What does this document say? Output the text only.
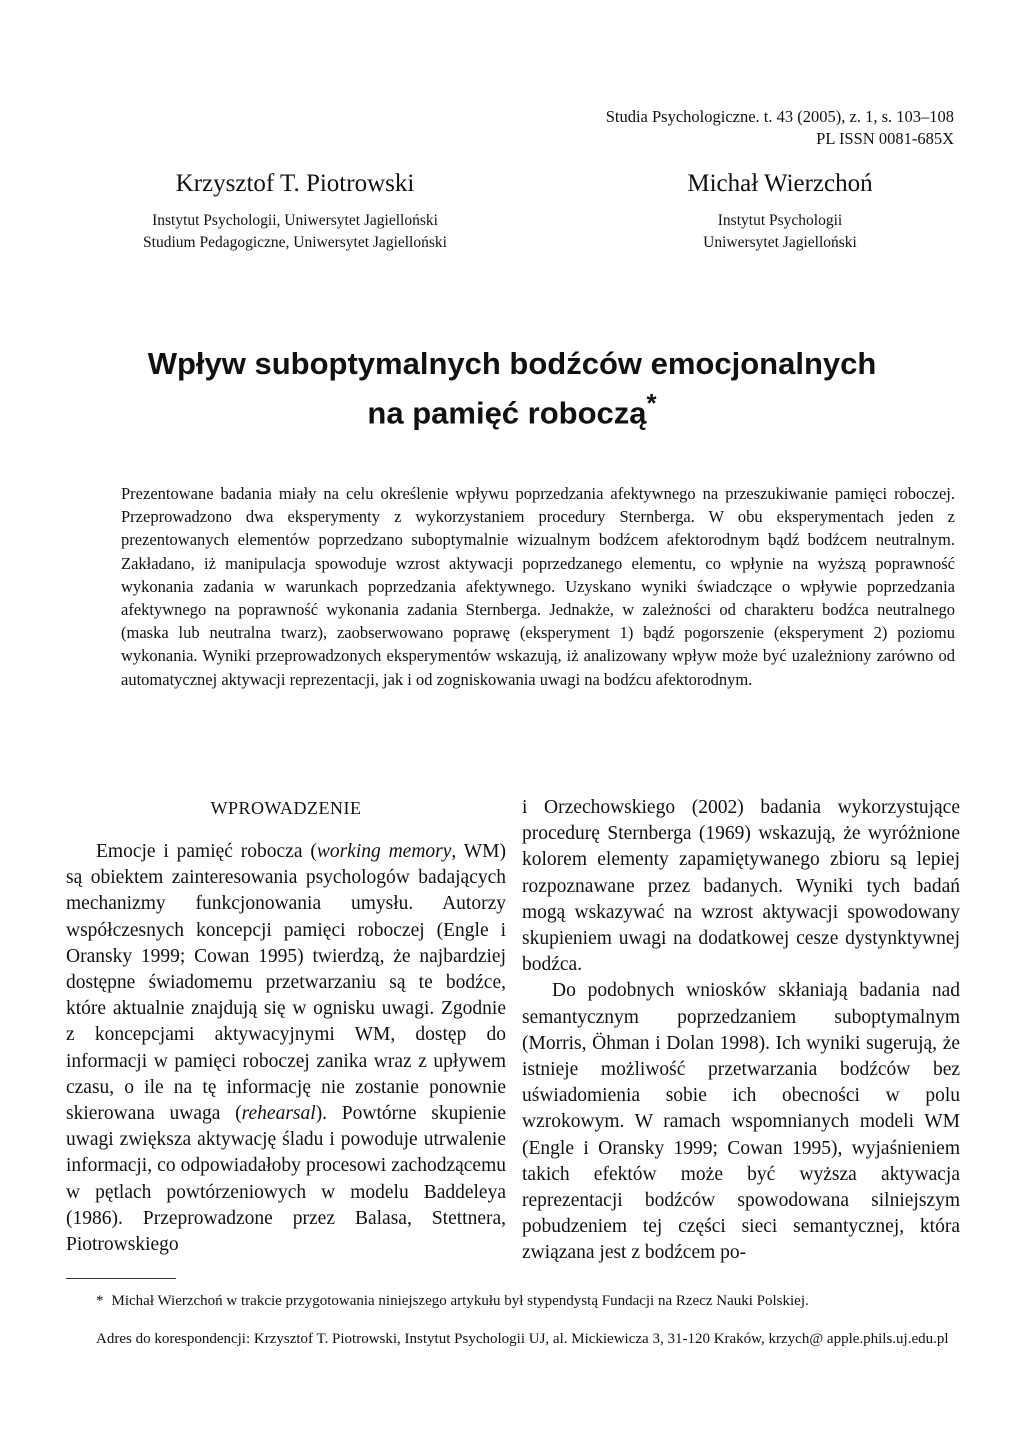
Studia Psychologiczne. t. 43 (2005), z. 1, s. 103–108
PL ISSN 0081-685X
Krzysztof T. Piotrowski
Instytut Psychologii, Uniwersytet Jagielloński
Studium Pedagogiczne, Uniwersytet Jagielloński
Michał Wierzchoń
Instytut Psychologii
Uniwersytet Jagielloński
Wpływ suboptymalnych bodźców emocjonalnych
na pamięć roboczą*
Prezentowane badania miały na celu określenie wpływu poprzedzania afektywnego na przeszukiwanie pamięci roboczej. Przeprowadzono dwa eksperymenty z wykorzystaniem procedury Sternberga. W obu eksperymentach jeden z prezentowanych elementów poprzedzano suboptymalnie wizualnym bodźcem afektorodnym bądź bodźcem neutralnym. Zakładano, iż manipulacja spowoduje wzrost aktywacji poprzedzanego elementu, co wpłynie na wyższą poprawność wykonania zadania w warunkach poprzedzania afektywnego. Uzyskano wyniki świadczące o wpływie poprzedzania afektywnego na poprawność wykonania zadania Sternberga. Jednakże, w zależności od charakteru bodźca neutralnego (maska lub neutralna twarz), zaobserwowano poprawę (eksperyment 1) bądź pogorszenie (eksperyment 2) poziomu wykonania. Wyniki przeprowadzonych eksperymentów wskazują, iż analizowany wpływ może być uzależniony zarówno od automatycznej aktywacji reprezentacji, jak i od zogniskowania uwagi na bodźcu afektorodnym.
WPROWADZENIE

Emocje i pamięć robocza (working memory, WM) są obiektem zainteresowania psychologów badających mechanizmy funkcjonowania umysłu. Autorzy współczesnych koncepcji pamięci roboczej (Engle i Oransky 1999; Cowan 1995) twierdzą, że najbardziej dostępne świadomemu przetwarzaniu są te bodźce, które aktualnie znajdują się w ognisku uwagi. Zgodnie z koncepcjami aktywacyjnymi WM, dostęp do informacji w pamięci roboczej zanika wraz z upływem czasu, o ile na tę informację nie zostanie ponownie skierowana uwaga (rehearsal). Powtórne skupienie uwagi zwiększa aktywację śladu i powoduje utrwalenie informacji, co odpowiadałoby procesowi zachodzącemu w pętlach powtórzeniowych w modelu Baddeleya (1986). Przeprowadzone przez Balasa, Stettnera, Piotrowskiego

i Orzechowskiego (2002) badania wykorzystujące procedurę Sternberga (1969) wskazują, że wyróżnione kolorem elementy zapamiętywanego zbioru są lepiej rozpoznawane przez badanych. Wyniki tych badań mogą wskazywać na wzrost aktywacji spowodowany skupieniem uwagi na dodatkowej cesze dystynktywnej bodźca.

Do podobnych wniosków skłaniają badania nad semantycznym poprzedzaniem suboptymalnym (Morris, Öhman i Dolan 1998). Ich wyniki sugerują, że istnieje możliwość przetwarzania bodźców bez uświadomienia sobie ich obecności w polu wzrokowym. W ramach wspomnianych modeli WM (Engle i Oransky 1999; Cowan 1995), wyjaśnieniem takich efektów może być wyższa aktywacja reprezentacji bodźców spowodowana silniejszym pobudzeniem tej części sieci semantycznej, która związana jest z bodźcem po-

* Michał Wierzchoń w trakcie przygotowania niniejszego artykułu był stypendystą Fundacji na Rzecz Nauki Polskiej.
Adres do korespondencji: Krzysztof T. Piotrowski, Instytut Psychologii UJ, al. Mickiewicza 3, 31-120 Kraków, krzych@ apple.phils.uj.edu.pl
